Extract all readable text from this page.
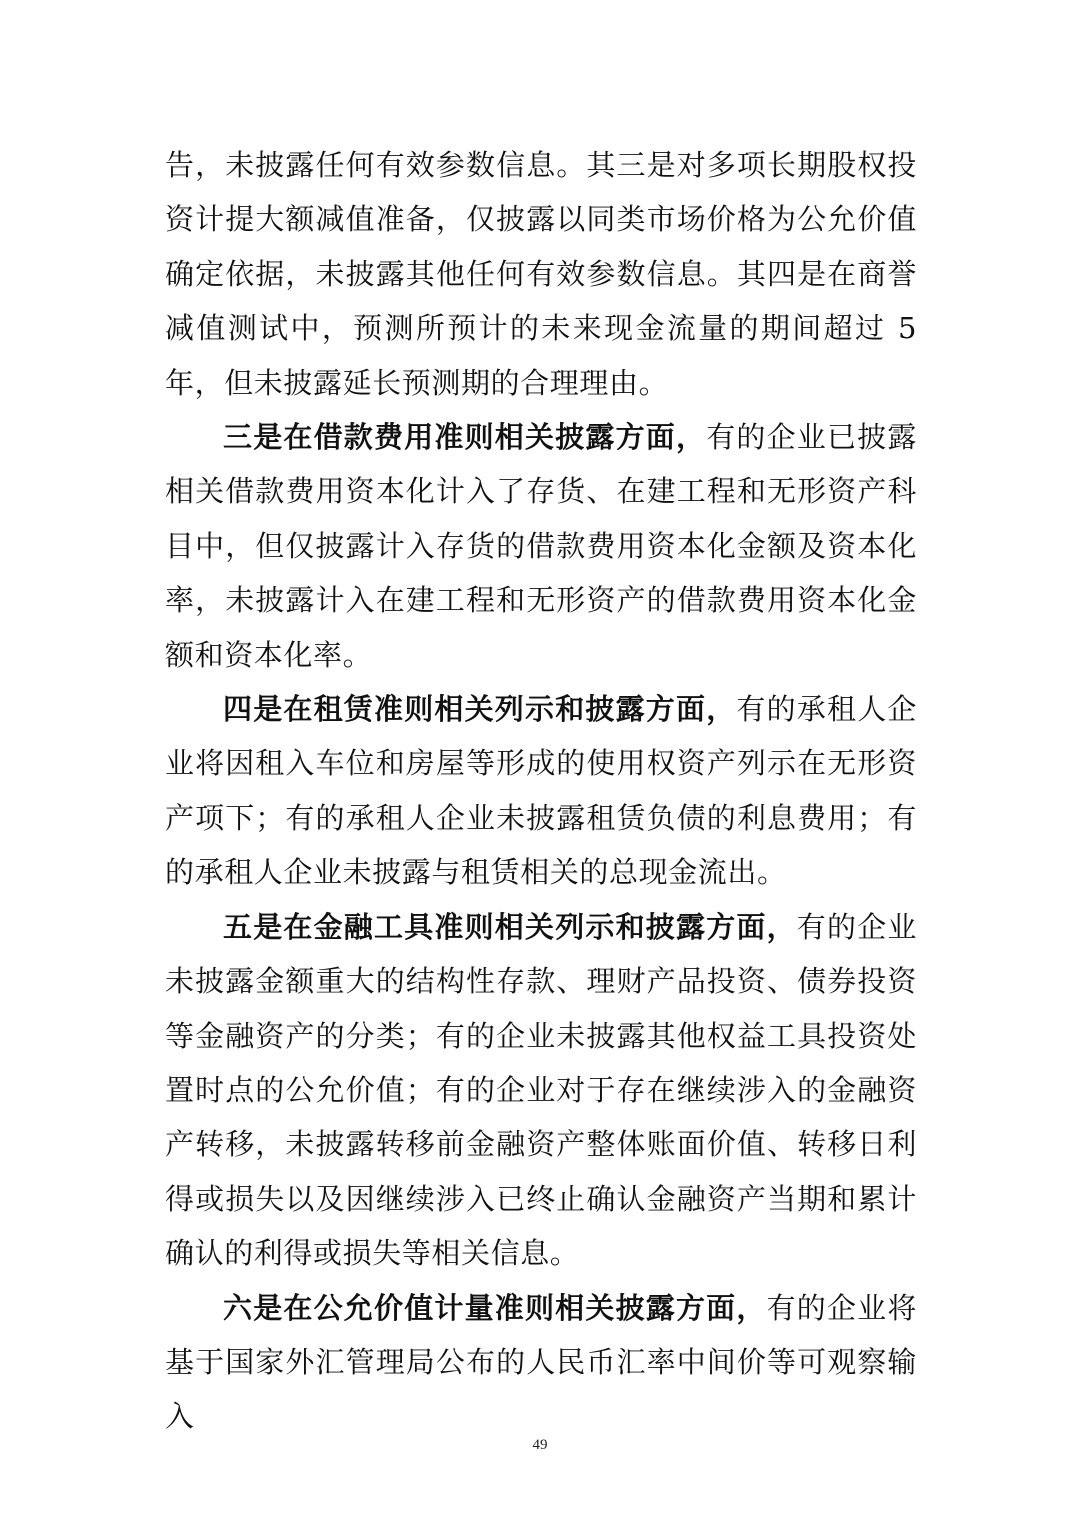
告，未披露任何有效参数信息。其三是对多项长期股权投资计提大额减值准备，仅披露以同类市场价格为公允价值确定依据，未披露其他任何有效参数信息。其四是在商誉减值测试中，预测所预计的未来现金流量的期间超过 5 年，但未披露延长预测期的合理理由。

三是在借款费用准则相关披露方面，有的企业已披露相关借款费用资本化计入了存货、在建工程和无形资产科目中，但仅披露计入存货的借款费用资本化金额及资本化率，未披露计入在建工程和无形资产的借款费用资本化金额和资本化率。

四是在租赁准则相关列示和披露方面，有的承租人企业将因租入车位和房屋等形成的使用权资产列示在无形资产项下；有的承租人企业未披露租赁负债的利息费用；有的承租人企业未披露与租赁相关的总现金流出。

五是在金融工具准则相关列示和披露方面，有的企业未披露金额重大的结构性存款、理财产品投资、债券投资等金融资产的分类；有的企业未披露其他权益工具投资处置时点的公允价值；有的企业对于存在继续涉入的金融资产转移，未披露转移前金融资产整体账面价值、转移日利得或损失以及因继续涉入已终止确认金融资产当期和累计确认的利得或损失等相关信息。

六是在公允价值计量准则相关披露方面，有的企业将基于国家外汇管理局公布的人民币汇率中间价等可观察输入

49
